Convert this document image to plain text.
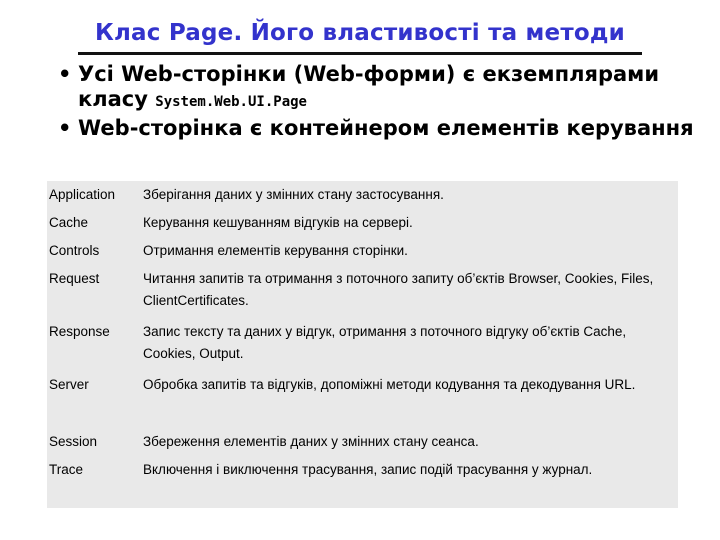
Клас Page. Його властивості та методи
• Усі Web-сторінки (Web-форми) є екземплярами класу System.Web.UI.Page
• Web-сторінка є контейнером елементів керування
Application	Зберігання даних у змінних стану застосування.
Cache	Керування кешуванням відгуків на сервері.
Controls	Отримання елементів керування сторінки.
Request	Читання запитів та отримання з поточного запиту об’єктів Browser, Cookies, Files, ClientCertificates.
Response	Запис тексту та даних у відгук, отримання з поточного відгуку об’єктів Cache, Cookies, Output.
Server	Обробка запитів та відгуків, допоміжні методи кодування та декодування URL.
Session	Збереження елементів даних у змінних стану сеанса.
Trace	Включення і виключення трасування, запис подій трасування у журнал.
